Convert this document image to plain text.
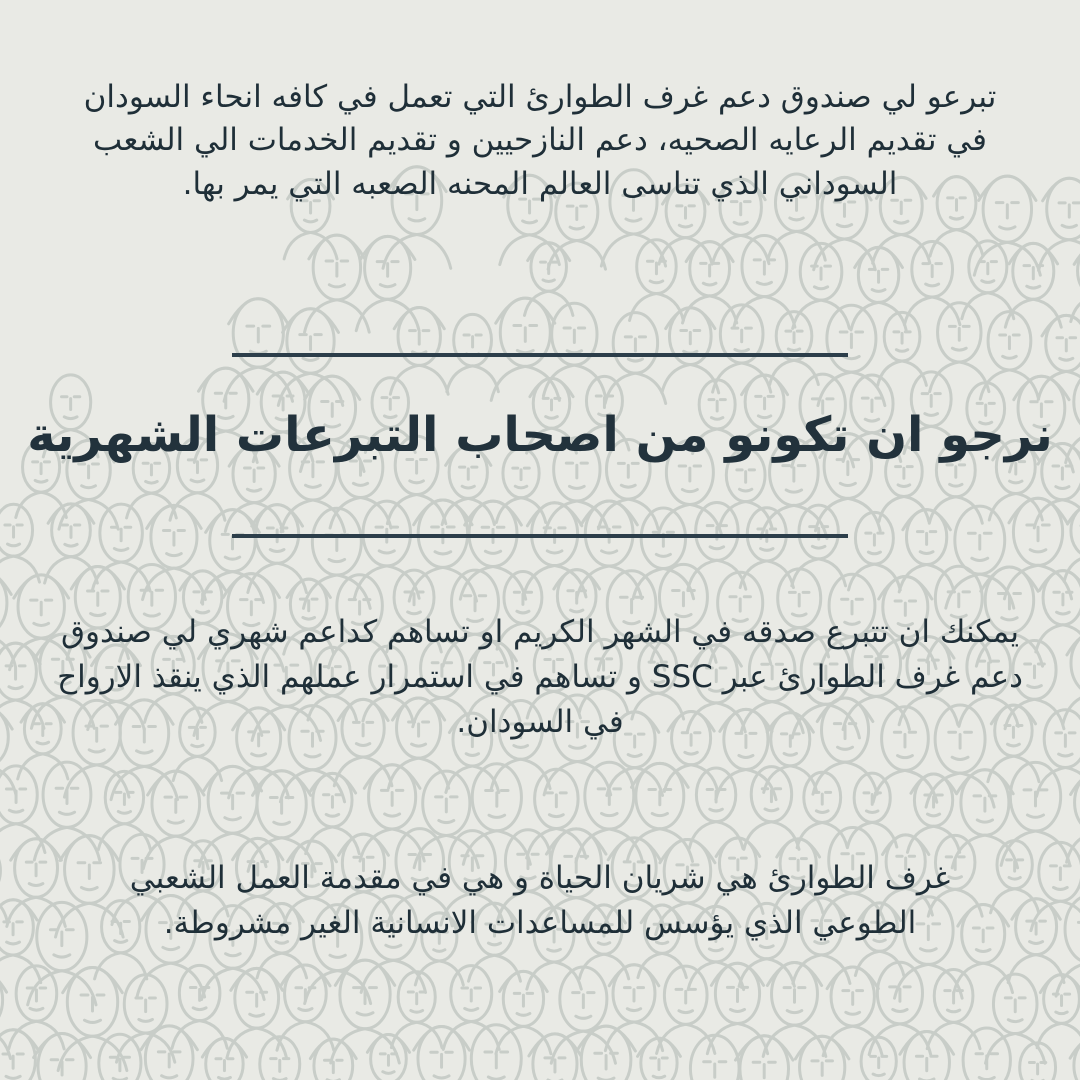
تبرعو لي صندوق دعم غرف الطوارئ التي تعمل في كافه انحاء السودان في تقديم الرعايه الصحيه، دعم النازحيين و تقديم الخدمات الي الشعب السوداني الذي تناسى العالم المحنه الصعبه التي يمر بها.
نرجو ان تكونو من اصحاب التبرعات الشهرية
يمكنك ان تتبرع صدقه في الشهر الكريم او تساهم كداعم شهري لي صندوق دعم غرف الطوارئ عبر SSC و تساهم في استمرار عملهم الذي ينقذ الارواح في السودان.
غرف الطوارئ هي شريان الحياة و هي في مقدمة العمل الشعبي الطوعي الذي يؤسس للمساعدات الانسانية الغير مشروطة.
